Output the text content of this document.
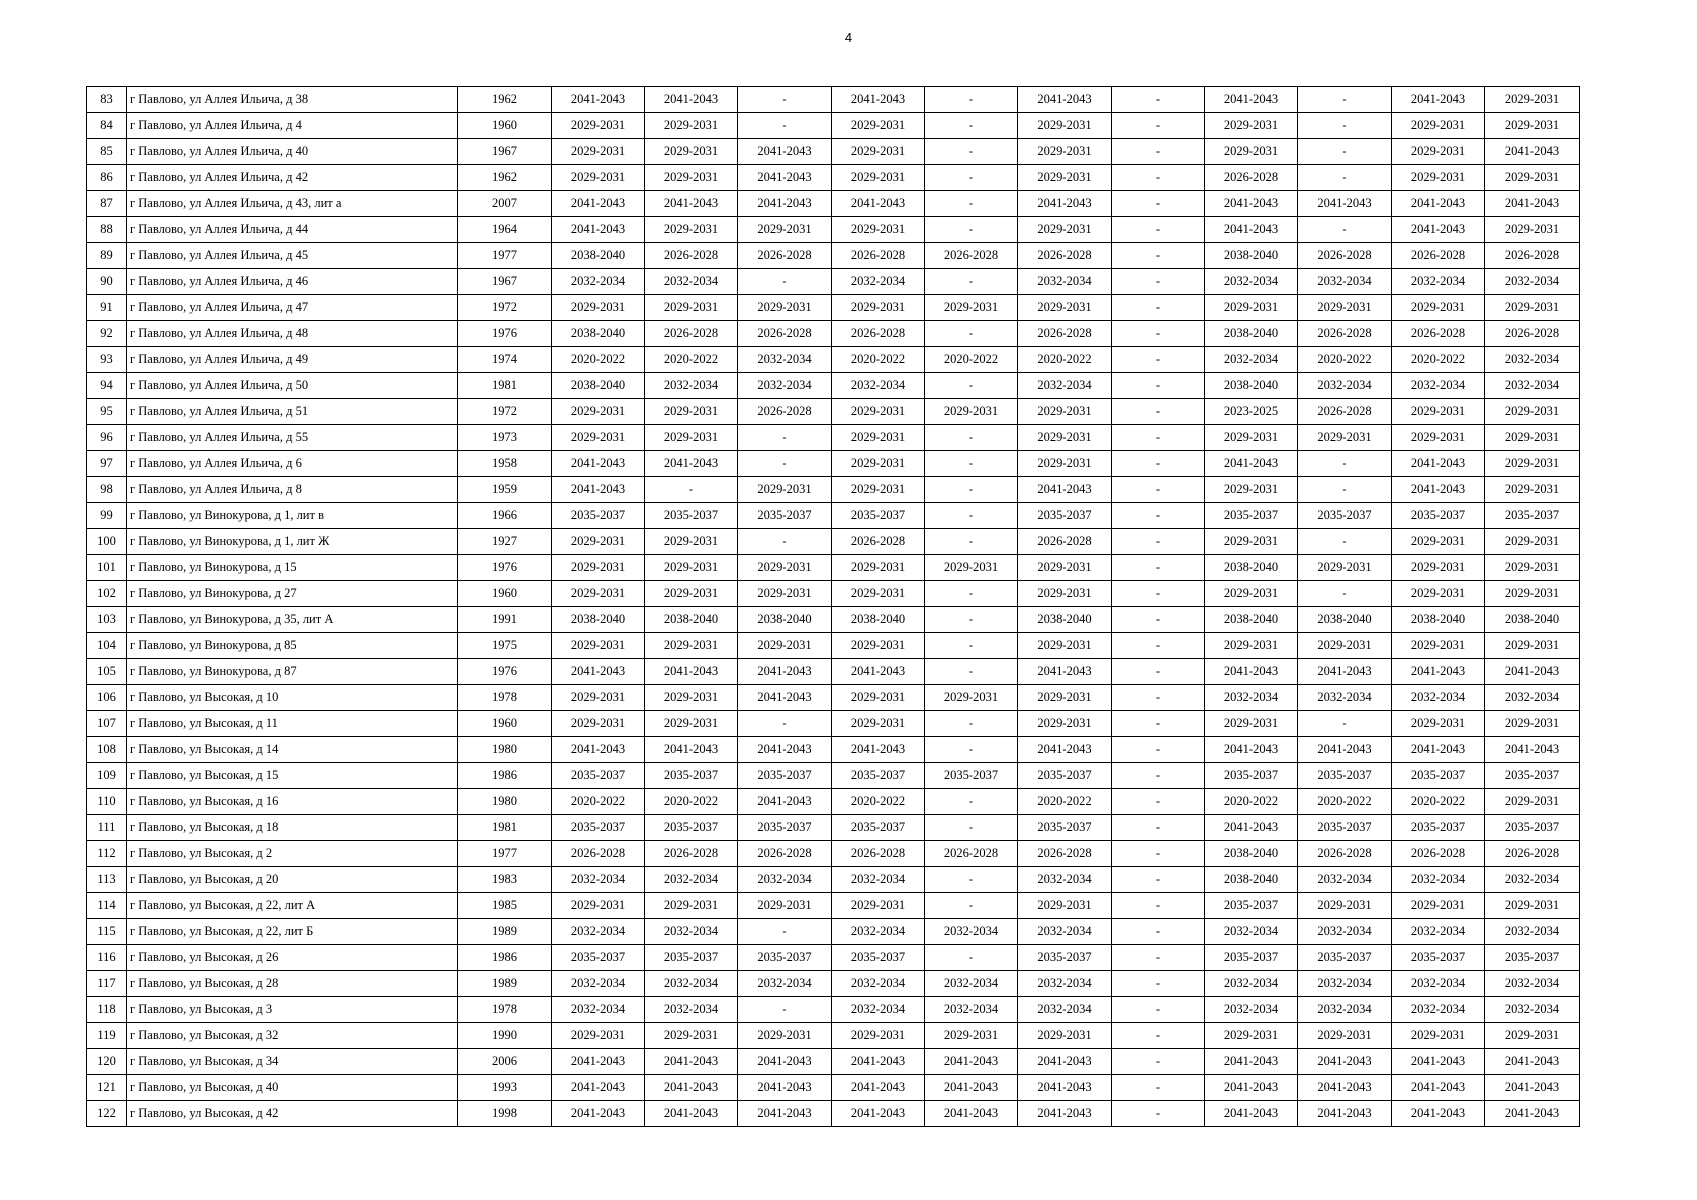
4
83	г Павлово, ул Аллея Ильича, д 38	1962	2041-2043	2041-2043	-	2041-2043	-	2041-2043	-	2041-2043	-	2041-2043	2029-2031
84	г Павлово, ул Аллея Ильича, д 4	1960	2029-2031	2029-2031	-	2029-2031	-	2029-2031	-	2029-2031	-	2029-2031	2029-2031
85	г Павлово, ул Аллея Ильича, д 40	1967	2029-2031	2029-2031	2041-2043	2029-2031	-	2029-2031	-	2029-2031	-	2029-2031	2041-2043
86	г Павлово, ул Аллея Ильича, д 42	1962	2029-2031	2029-2031	2041-2043	2029-2031	-	2029-2031	-	2026-2028	-	2029-2031	2029-2031
87	г Павлово, ул Аллея Ильича, д 43, лит а	2007	2041-2043	2041-2043	2041-2043	2041-2043	-	2041-2043	-	2041-2043	2041-2043	2041-2043	2041-2043
88	г Павлово, ул Аллея Ильича, д 44	1964	2041-2043	2029-2031	2029-2031	2029-2031	-	2029-2031	-	2041-2043	-	2041-2043	2029-2031
89	г Павлово, ул Аллея Ильича, д 45	1977	2038-2040	2026-2028	2026-2028	2026-2028	2026-2028	2026-2028	-	2038-2040	2026-2028	2026-2028	2026-2028
90	г Павлово, ул Аллея Ильича, д 46	1967	2032-2034	2032-2034	-	2032-2034	-	2032-2034	-	2032-2034	2032-2034	2032-2034	2032-2034
91	г Павлово, ул Аллея Ильича, д 47	1972	2029-2031	2029-2031	2029-2031	2029-2031	2029-2031	2029-2031	-	2029-2031	2029-2031	2029-2031	2029-2031
92	г Павлово, ул Аллея Ильича, д 48	1976	2038-2040	2026-2028	2026-2028	2026-2028	-	2026-2028	-	2038-2040	2026-2028	2026-2028	2026-2028
93	г Павлово, ул Аллея Ильича, д 49	1974	2020-2022	2020-2022	2032-2034	2020-2022	2020-2022	2020-2022	-	2032-2034	2020-2022	2020-2022	2032-2034
94	г Павлово, ул Аллея Ильича, д 50	1981	2038-2040	2032-2034	2032-2034	2032-2034	-	2032-2034	-	2038-2040	2032-2034	2032-2034	2032-2034
95	г Павлово, ул Аллея Ильича, д 51	1972	2029-2031	2029-2031	2026-2028	2029-2031	2029-2031	2029-2031	-	2023-2025	2026-2028	2029-2031	2029-2031
96	г Павлово, ул Аллея Ильича, д 55	1973	2029-2031	2029-2031	-	2029-2031	-	2029-2031	-	2029-2031	2029-2031	2029-2031	2029-2031
97	г Павлово, ул Аллея Ильича, д 6	1958	2041-2043	2041-2043	-	2029-2031	-	2029-2031	-	2041-2043	-	2041-2043	2029-2031
98	г Павлово, ул Аллея Ильича, д 8	1959	2041-2043	-	2029-2031	2029-2031	-	2041-2043	-	2029-2031	-	2041-2043	2029-2031
99	г Павлово, ул Винокурова, д 1, лит в	1966	2035-2037	2035-2037	2035-2037	2035-2037	-	2035-2037	-	2035-2037	2035-2037	2035-2037	2035-2037
100	г Павлово, ул Винокурова, д 1, лит Ж	1927	2029-2031	2029-2031	-	2026-2028	-	2026-2028	-	2029-2031	-	2029-2031	2029-2031
101	г Павлово, ул Винокурова, д 15	1976	2029-2031	2029-2031	2029-2031	2029-2031	2029-2031	2029-2031	-	2038-2040	2029-2031	2029-2031	2029-2031
102	г Павлово, ул Винокурова, д 27	1960	2029-2031	2029-2031	2029-2031	2029-2031	-	2029-2031	-	2029-2031	-	2029-2031	2029-2031
103	г Павлово, ул Винокурова, д 35, лит А	1991	2038-2040	2038-2040	2038-2040	2038-2040	-	2038-2040	-	2038-2040	2038-2040	2038-2040	2038-2040
104	г Павлово, ул Винокурова, д 85	1975	2029-2031	2029-2031	2029-2031	2029-2031	-	2029-2031	-	2029-2031	2029-2031	2029-2031	2029-2031
105	г Павлово, ул Винокурова, д 87	1976	2041-2043	2041-2043	2041-2043	2041-2043	-	2041-2043	-	2041-2043	2041-2043	2041-2043	2041-2043
106	г Павлово, ул Высокая, д 10	1978	2029-2031	2029-2031	2041-2043	2029-2031	2029-2031	2029-2031	-	2032-2034	2032-2034	2032-2034	2032-2034
107	г Павлово, ул Высокая, д 11	1960	2029-2031	2029-2031	-	2029-2031	-	2029-2031	-	2029-2031	-	2029-2031	2029-2031
108	г Павлово, ул Высокая, д 14	1980	2041-2043	2041-2043	2041-2043	2041-2043	-	2041-2043	-	2041-2043	2041-2043	2041-2043	2041-2043
109	г Павлово, ул Высокая, д 15	1986	2035-2037	2035-2037	2035-2037	2035-2037	2035-2037	2035-2037	-	2035-2037	2035-2037	2035-2037	2035-2037
110	г Павлово, ул Высокая, д 16	1980	2020-2022	2020-2022	2041-2043	2020-2022	-	2020-2022	-	2020-2022	2020-2022	2020-2022	2029-2031
111	г Павлово, ул Высокая, д 18	1981	2035-2037	2035-2037	2035-2037	2035-2037	-	2035-2037	-	2041-2043	2035-2037	2035-2037	2035-2037
112	г Павлово, ул Высокая, д 2	1977	2026-2028	2026-2028	2026-2028	2026-2028	2026-2028	2026-2028	-	2038-2040	2026-2028	2026-2028	2026-2028
113	г Павлово, ул Высокая, д 20	1983	2032-2034	2032-2034	2032-2034	2032-2034	-	2032-2034	-	2038-2040	2032-2034	2032-2034	2032-2034
114	г Павлово, ул Высокая, д 22, лит А	1985	2029-2031	2029-2031	2029-2031	2029-2031	-	2029-2031	-	2035-2037	2029-2031	2029-2031	2029-2031
115	г Павлово, ул Высокая, д 22, лит Б	1989	2032-2034	2032-2034	-	2032-2034	2032-2034	2032-2034	-	2032-2034	2032-2034	2032-2034	2032-2034
116	г Павлово, ул Высокая, д 26	1986	2035-2037	2035-2037	2035-2037	2035-2037	-	2035-2037	-	2035-2037	2035-2037	2035-2037	2035-2037
117	г Павлово, ул Высокая, д 28	1989	2032-2034	2032-2034	2032-2034	2032-2034	2032-2034	2032-2034	-	2032-2034	2032-2034	2032-2034	2032-2034
118	г Павлово, ул Высокая, д 3	1978	2032-2034	2032-2034	-	2032-2034	2032-2034	2032-2034	-	2032-2034	2032-2034	2032-2034	2032-2034
119	г Павлово, ул Высокая, д 32	1990	2029-2031	2029-2031	2029-2031	2029-2031	2029-2031	2029-2031	-	2029-2031	2029-2031	2029-2031	2029-2031
120	г Павлово, ул Высокая, д 34	2006	2041-2043	2041-2043	2041-2043	2041-2043	2041-2043	2041-2043	-	2041-2043	2041-2043	2041-2043	2041-2043
121	г Павлово, ул Высокая, д 40	1993	2041-2043	2041-2043	2041-2043	2041-2043	2041-2043	2041-2043	-	2041-2043	2041-2043	2041-2043	2041-2043
122	г Павлово, ул Высокая, д 42	1998	2041-2043	2041-2043	2041-2043	2041-2043	2041-2043	2041-2043	-	2041-2043	2041-2043	2041-2043	2041-2043
